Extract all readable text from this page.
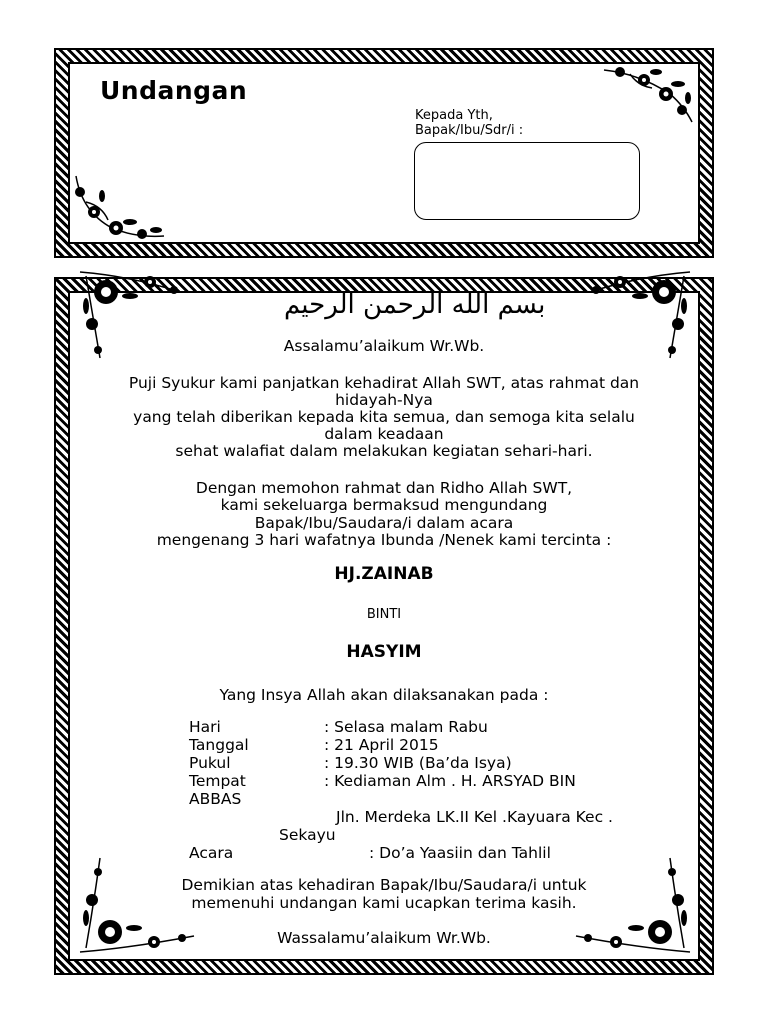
Undangan
Kepada Yth,
Bapak/Ibu/Sdr/i :
بسم الله الرحمن الرحيم
Assalamu’alaikum Wr.Wb.
Puji Syukur kami panjatkan kehadirat Allah SWT, atas rahmat dan
hidayah-Nya
yang telah diberikan kepada kita semua, dan semoga kita selalu
dalam keadaan
sehat walafiat dalam melakukan kegiatan sehari-hari.
Dengan memohon rahmat dan Ridho Allah SWT,
kami sekeluarga bermaksud mengundang
Bapak/Ibu/Saudara/i dalam acara
mengenang 3 hari wafatnya Ibunda /Nenek kami tercinta :
HJ.ZAINAB
BINTI
HASYIM
Yang Insya Allah akan dilaksanakan pada :
Hari	: Selasa malam Rabu
Tanggal	: 21 April 2015
Pukul	: 19.30 WIB (Ba’da Isya)
Tempat	: Kediaman Alm . H. ARSYAD BIN
ABBAS
Jln. Merdeka LK.II Kel .Kayuara Kec .
Sekayu
Acara	: Do’a Yaasiin dan Tahlil
Demikian atas kehadiran Bapak/Ibu/Saudara/i untuk
memenuhi undangan kami ucapkan terima kasih.
Wassalamu’alaikum Wr.Wb.
